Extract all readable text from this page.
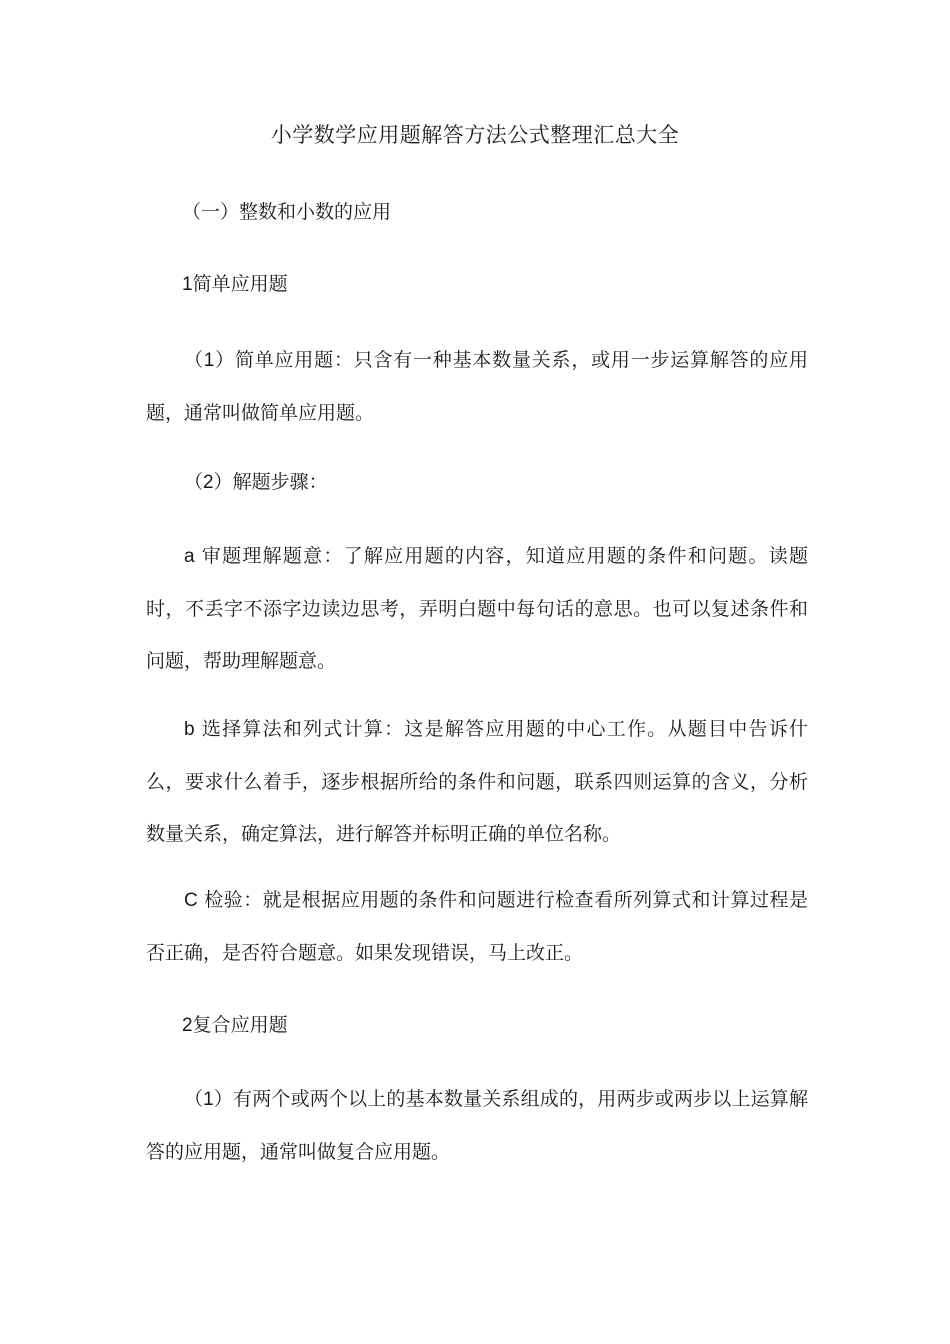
小学数学应用题解答方法公式整理汇总大全
（一）整数和小数的应用
1简单应用题
（1）简单应用题：只含有一种基本数量关系，或用一步运算解答的应用题，通常叫做简单应用题。
（2）解题步骤：
a 审题理解题意：了解应用题的内容，知道应用题的条件和问题。读题时，不丢字不添字边读边思考，弄明白题中每句话的意思。也可以复述条件和问题，帮助理解题意。
b 选择算法和列式计算：这是解答应用题的中心工作。从题目中告诉什么，要求什么着手，逐步根据所给的条件和问题，联系四则运算的含义，分析数量关系，确定算法，进行解答并标明正确的单位名称。
C 检验：就是根据应用题的条件和问题进行检查看所列算式和计算过程是否正确，是否符合题意。如果发现错误，马上改正。
2复合应用题
（1）有两个或两个以上的基本数量关系组成的，用两步或两步以上运算解答的应用题，通常叫做复合应用题。
